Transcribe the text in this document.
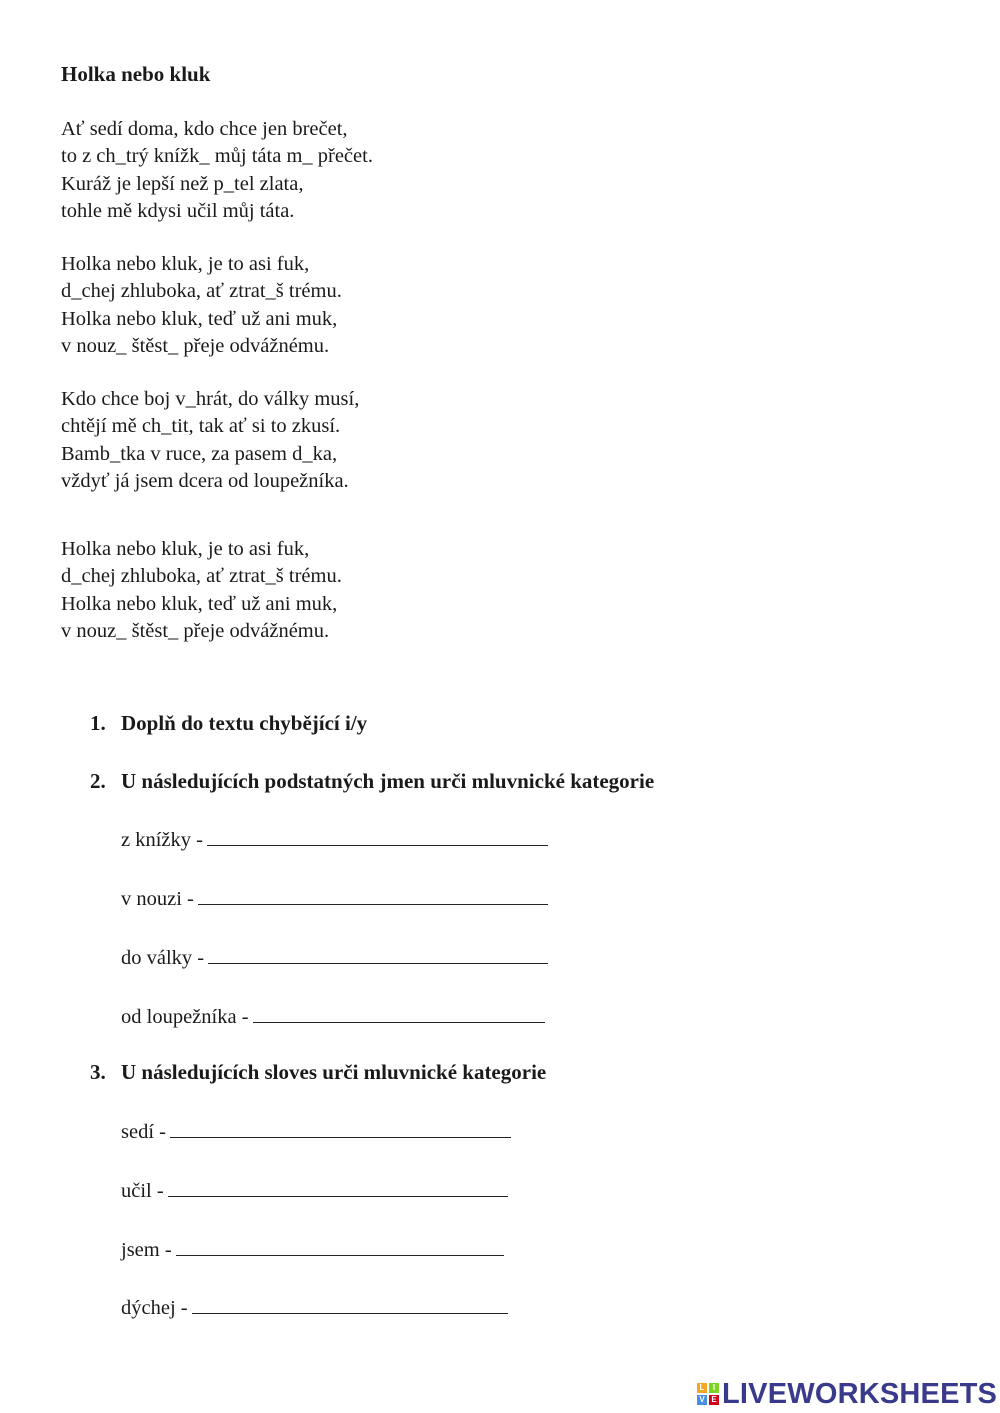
Holka nebo kluk
Ať sedí doma, kdo chce jen brečet,
to z ch_trý knížk_ můj táta m_ přečet.
Kuráž je lepší než p_tel zlata,
tohle mě kdysi učil můj táta.
Holka nebo kluk, je to asi fuk,
d_chej zhluboka, ať ztrat_š trému.
Holka nebo kluk, teď už ani muk,
v nouz_ štěst_ přeje odvážnému.
Kdo chce boj v_hrát, do války musí,
chtějí mě ch_tit, tak ať si to zkusí.
Bamb_tka v ruce, za pasem d_ka,
vždyť já jsem dcera od loupežníka.
Holka nebo kluk, je to asi fuk,
d_chej zhluboka, ať ztrat_š trému.
Holka nebo kluk, teď už ani muk,
v nouz_ štěst_ přeje odvážnému.
1. Doplň do textu chybějící i/y
2. U následujících podstatných jmen urči mluvnické kategorie
z knížky -
v nouzi -
do války -
od loupežníka -
3. U následujících sloves urči mluvnické kategorie
sedí -
učil -
jsem -
dýchej -
L	I
V E LIVEWORKSHEETS
